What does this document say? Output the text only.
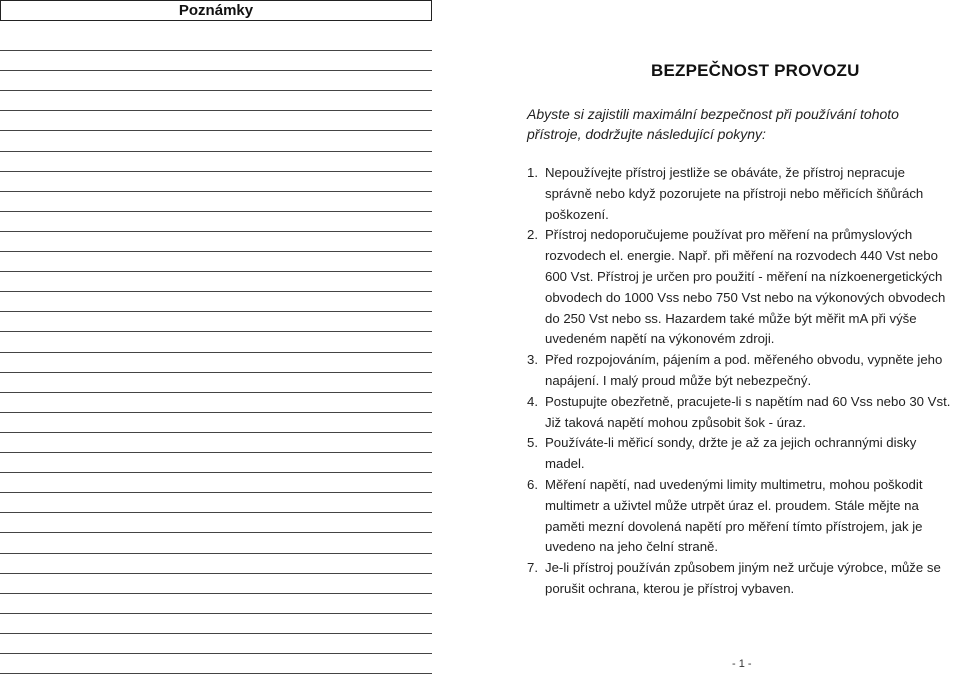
Poznámky
BEZPEČNOST PROVOZU
Abyste si zajistili maximální bezpečnost při používání tohoto přístroje, dodržujte následující pokyny:
1. Nepoužívejte přístroj jestliže se obáváte, že přístroj nepracuje správně nebo když pozorujete na přístroji nebo měřicích šňůrách poškození.
2. Přístroj nedoporučujeme používat pro měření na průmyslových rozvodech el. energie. Např. při měření na rozvodech 440 Vst nebo 600 Vst. Přístroj je určen pro použití - měření na nízkoenergetických obvodech do 1000 Vss nebo 750 Vst nebo na výkonových obvodech do 250 Vst nebo ss. Hazardem také může být měřit mA při výše uvedeném napětí na výkonovém zdroji.
3. Před rozpojováním, pájením a pod. měřeného obvodu, vypněte jeho napájení. I malý proud může být nebezpečný.
4. Postupujte obezřetně, pracujete-li s napětím nad 60 Vss nebo 30 Vst. Již taková napětí mohou způsobit šok - úraz.
5. Používáte-li měřicí sondy, držte je až za jejich ochrannými disky madel.
6. Měření napětí, nad uvedenými limity multimetru, mohou poškodit multimetr a uživtel může utrpět úraz el. proudem. Stále mějte na paměti mezní dovolená napětí pro měření tímto přístrojem, jak je uvedeno na jeho čelní straně.
7. Je-li přístroj používán způsobem jiným než určuje výrobce, může se porušit ochrana, kterou je přístroj vybaven.
- 1 -
